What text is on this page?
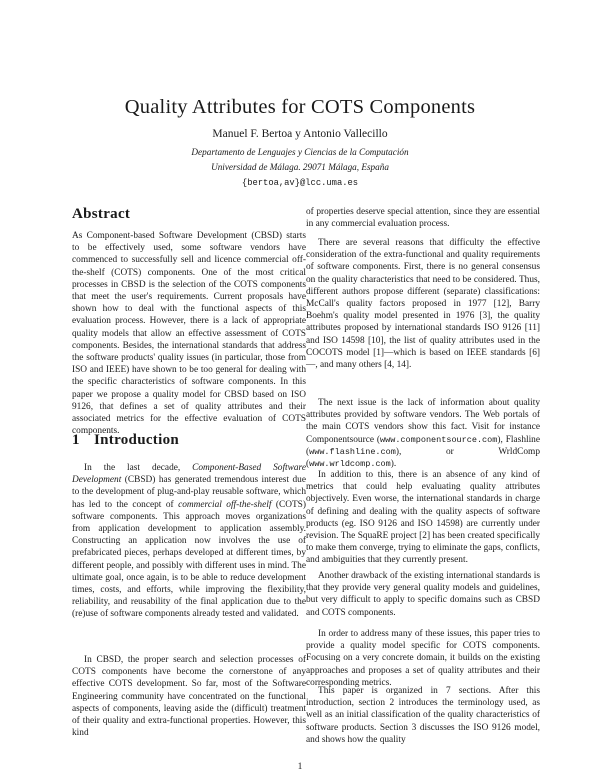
Quality Attributes for COTS Components
Manuel F. Bertoa y Antonio Vallecillo
Departamento de Lenguajes y Ciencias de la Computación
Universidad de Málaga. 29071 Málaga, España
{bertoa,av}@lcc.uma.es
Abstract

As Component-based Software Development (CBSD) starts to be effectively used, some software vendors have commenced to successfully sell and licence commercial off-the-shelf (COTS) components. One of the most critical processes in CBSD is the selection of the COTS components that meet the user's requirements. Current proposals have shown how to deal with the functional aspects of this evaluation process. However, there is a lack of appropriate quality models that allow an effective assessment of COTS components. Besides, the international standards that address the software products' quality issues (in particular, those from ISO and IEEE) have shown to be too general for dealing with the specific characteristics of software components. In this paper we propose a quality model for CBSD based on ISO 9126, that defines a set of quality attributes and their associated metrics for the effective evaluation of COTS components.

1 Introduction

In the last decade, Component-Based Software Development (CBSD) has generated tremendous interest due to the development of plug-and-play reusable software, which has led to the concept of commercial off-the-shelf (COTS) software components. This approach moves organizations from application development to application assembly. Constructing an application now involves the use of prefabricated pieces, perhaps developed at different times, by different people, and possibly with different uses in mind. The ultimate goal, once again, is to be able to reduce development times, costs, and efforts, while improving the flexibility, reliability, and reusability of the final application due to the (re)use of software components already tested and validated.

In CBSD, the proper search and selection processes of COTS components have become the cornerstone of any effective COTS development. So far, most of the Software Engineering community have concentrated on the functional aspects of components, leaving aside the (difficult) treatment of their quality and extra-functional properties. However, this kind

of properties deserve special attention, since they are essential in any commercial evaluation process.

There are several reasons that difficulty the effective consideration of the extra-functional and quality requirements of software components. First, there is no general consensus on the quality characteristics that need to be considered. Thus, different authors propose different (separate) classifications: McCall's quality factors proposed in 1977 [12], Barry Boehm's quality model presented in 1976 [3], the quality attributes proposed by international standards ISO 9126 [11] and ISO 14598 [10], the list of quality attributes used in the COCOTS model [1]—which is based on IEEE standards [6]—, and many others [4, 14].

The next issue is the lack of information about quality attributes provided by software vendors. The Web portals of the main COTS vendors show this fact. Visit for instance Componentsource (www.componentsource.com), Flashline (www.flashline.com), or WrldComp (www.wrldcomp.com).

In addition to this, there is an absence of any kind of metrics that could help evaluating quality attributes objectively. Even worse, the international standards in charge of defining and dealing with the quality aspects of software products (eg. ISO 9126 and ISO 14598) are currently under revision. The SquaRE project [2] has been created specifically to make them converge, trying to eliminate the gaps, conflicts, and ambiguities that they currently present.

Another drawback of the existing international standards is that they provide very general quality models and guidelines, but very difficult to apply to specific domains such as CBSD and COTS components.

In order to address many of these issues, this paper tries to provide a quality model specific for COTS components. Focusing on a very concrete domain, it builds on the existing approaches and proposes a set of quality attributes and their corresponding metrics.

This paper is organized in 7 sections. After this introduction, section 2 introduces the terminology used, as well as an initial classification of the quality characteristics of software products. Section 3 discusses the ISO 9126 model, and shows how the quality

1
